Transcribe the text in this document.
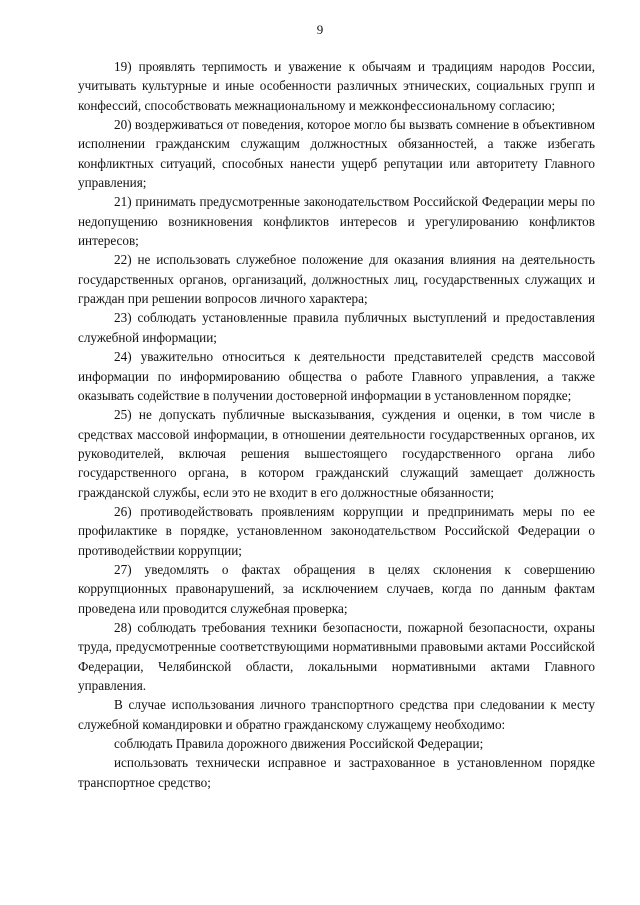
9

19) проявлять терпимость и уважение к обычаям и традициям народов России, учитывать культурные и иные особенности различных этнических, социальных групп и конфессий, способствовать межнациональному и межконфессиональному согласию;

20) воздерживаться от поведения, которое могло бы вызвать сомнение в объективном исполнении гражданским служащим должностных обязанностей, а также избегать конфликтных ситуаций, способных нанести ущерб репутации или авторитету Главного управления;

21) принимать предусмотренные законодательством Российской Федерации меры по недопущению возникновения конфликтов интересов и урегулированию конфликтов интересов;

22) не использовать служебное положение для оказания влияния на деятельность государственных органов, организаций, должностных лиц, государственных служащих и граждан при решении вопросов личного характера;

23) соблюдать установленные правила публичных выступлений и предоставления служебной информации;

24) уважительно относиться к деятельности представителей средств массовой информации по информированию общества о работе Главного управления, а также оказывать содействие в получении достоверной информации в установленном порядке;

25) не допускать публичные высказывания, суждения и оценки, в том числе в средствах массовой информации, в отношении деятельности государственных органов, их руководителей, включая решения вышестоящего государственного органа либо государственного органа, в котором гражданский служащий замещает должность гражданской службы, если это не входит в его должностные обязанности;

26) противодействовать проявлениям коррупции и предпринимать меры по ее профилактике в порядке, установленном законодательством Российской Федерации о противодействии коррупции;

27) уведомлять о фактах обращения в целях склонения к совершению коррупционных правонарушений, за исключением случаев, когда по данным фактам проведена или проводится служебная проверка;

28) соблюдать требования техники безопасности, пожарной безопасности, охраны труда, предусмотренные соответствующими нормативными правовыми актами Российской Федерации, Челябинской области, локальными нормативными актами Главного управления.

В случае использования личного транспортного средства при следовании к месту служебной командировки и обратно гражданскому служащему необходимо:

соблюдать Правила дорожного движения Российской Федерации;

использовать технически исправное и застрахованное в установленном порядке транспортное средство;
